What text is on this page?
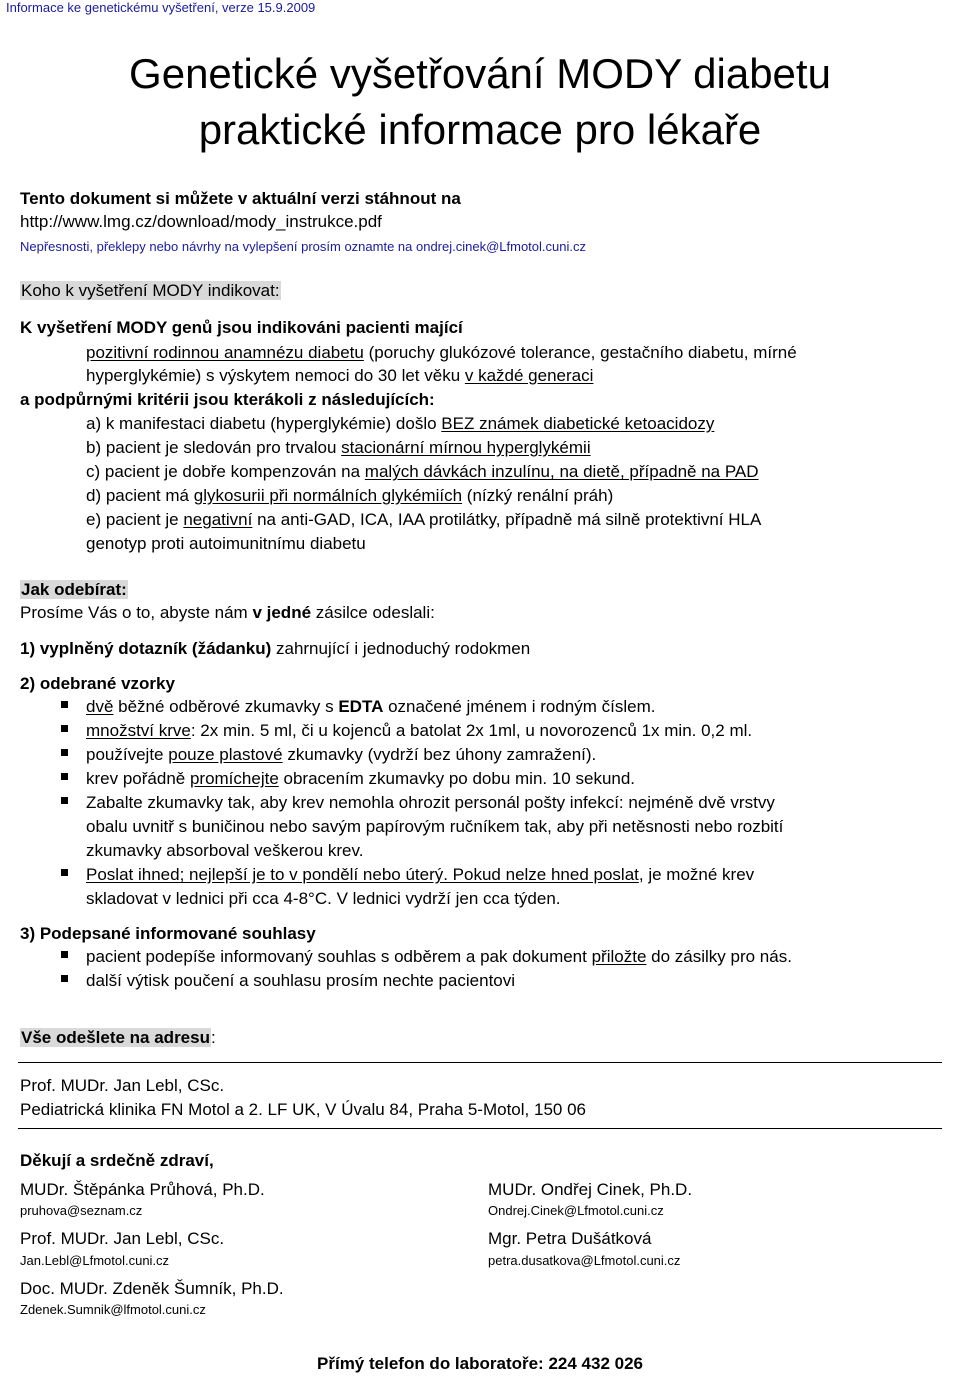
Informace ke genetickému vyšetření, verze 15.9.2009
Genetické vyšetřování MODY diabetu
praktické informace pro lékaře
Tento dokument si můžete v aktuální verzi stáhnout na
http://www.lmg.cz/download/mody_instrukce.pdf
Nepřesnosti, překlepy nebo návrhy na vylepšení prosím oznamte na ondrej.cinek@Lfmotol.cuni.cz
Koho k vyšetření MODY indikovat:
K vyšetření MODY genů jsou indikováni pacienti mající
pozitivní rodinnou anamnézu diabetu (poruchy glukózové tolerance, gestačního diabetu, mírné
hyperglykémie) s výskytem nemoci do 30 let věku v každé generaci
a podpůrnými kritérii jsou kterákoli z následujících:
a) k manifestaci diabetu (hyperglykémie) došlo BEZ známek diabetické ketoacidozy
b) pacient je sledován pro trvalou stacionární mírnou hyperglykémii
c) pacient je dobře kompenzován na malých dávkách inzulínu, na dietě, případně na PAD
d) pacient má glykosurii při normálních glykémiích (nízký renální práh)
e) pacient je negativní na anti-GAD, ICA, IAA protilátky, případně má silně protektivní HLA
genotyp proti autoimunitnímu diabetu
Jak odebírat:
Prosíme Vás o to, abyste nám v jedné zásilce odeslali:
1) vyplněný dotazník (žádanku) zahrnující i jednoduchý rodokmen
2) odebrané vzorky
dvě běžné odběrové zkumavky s EDTA označené jménem i rodným číslem.
množství krve: 2x min. 5 ml, či u kojenců a batolat 2x 1ml, u novorozenců 1x min. 0,2 ml.
používejte pouze plastové zkumavky (vydrží bez úhony zamražení).
krev pořádně promíchejte obracením zkumavky po dobu min. 10 sekund.
Zabalte zkumavky tak, aby krev nemohla ohrozit personál pošty infekcí: nejméně dvě vrstvy
obalu uvnitř s buničinou nebo savým papírovým ručníkem tak, aby při netěsnosti nebo rozbití
zkumavky absorboval veškerou krev.
Poslat ihned; nejlepší je to v pondělí nebo úterý. Pokud nelze hned poslat, je možné krev
skladovat v lednici při cca 4-8°C. V lednici vydrží jen cca týden.
3) Podepsané informované souhlasy
pacient podepíše informovaný souhlas s odběrem a pak dokument přiložte do zásilky pro nás.
další výtisk poučení a souhlasu prosím nechte pacientovi
Vše odešlete na adresu:
Prof. MUDr. Jan Lebl, CSc.
Pediatrická klinika FN Motol a 2. LF UK, V Úvalu 84, Praha 5-Motol, 150 06
Děkují a srdečně zdraví,
MUDr. Štěpánka Průhová, Ph.D.
pruhova@seznam.cz
MUDr. Ondřej Cinek, Ph.D.
Ondrej.Cinek@Lfmotol.cuni.cz
Prof. MUDr. Jan Lebl, CSc.
Jan.Lebl@Lfmotol.cuni.cz
Mgr. Petra Dušátková
petra.dusatkova@Lfmotol.cuni.cz
Doc. MUDr. Zdeněk Šumník, Ph.D.
Zdenek.Sumnik@lfmotol.cuni.cz
Přímý telefon do laboratoře: 224 432 026
